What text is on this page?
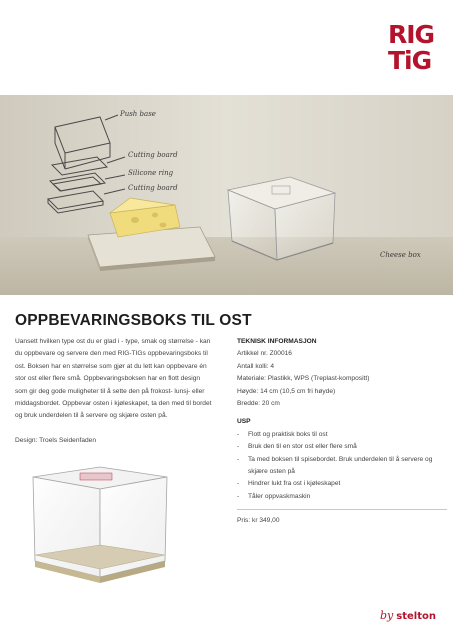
RIG
TiG
Push base
Cutting board
Silicone ring
Cutting board
Cheese box
OPPBEVARINGSBOKS TIL OST

Uansett hvilken type ost du er glad i - type, smak og størrelse - kan

du oppbevare og servere den med RIG-TIGs oppbevaringsboks til

ost. Boksen har en størrelse som gjør at du lett kan oppbevare én

stor ost eller flere små. Oppbevaringsboksen har en flott design

som gir deg gode muligheter til å sette den på frokost- lunsj- eller

middagsbordet. Oppbevar osten i kjøleskapet, ta den med til bordet

og bruk underdelen til å servere og skjære osten på.

Design: Troels Seidenfaden

TEKNISK INFORMASJON
Artikkel nr. Z00016
Antall kolli: 4
Materiale: Plastikk, WPS (Treplast-kompositt)
Høyde: 14 cm (10,5 cm fri høyde)
Bredde: 20 cm
USP
- Flott og praktisk boks til ost
- Bruk den til en stor ost eller flere små
- Ta med boksen til spisebordet. Bruk underdelen til å servere og skjære osten på
- Hindrer lukt fra ost i kjøleskapet
- Tåler oppvaskmaskin
Pris: kr 349,00
by stelton
